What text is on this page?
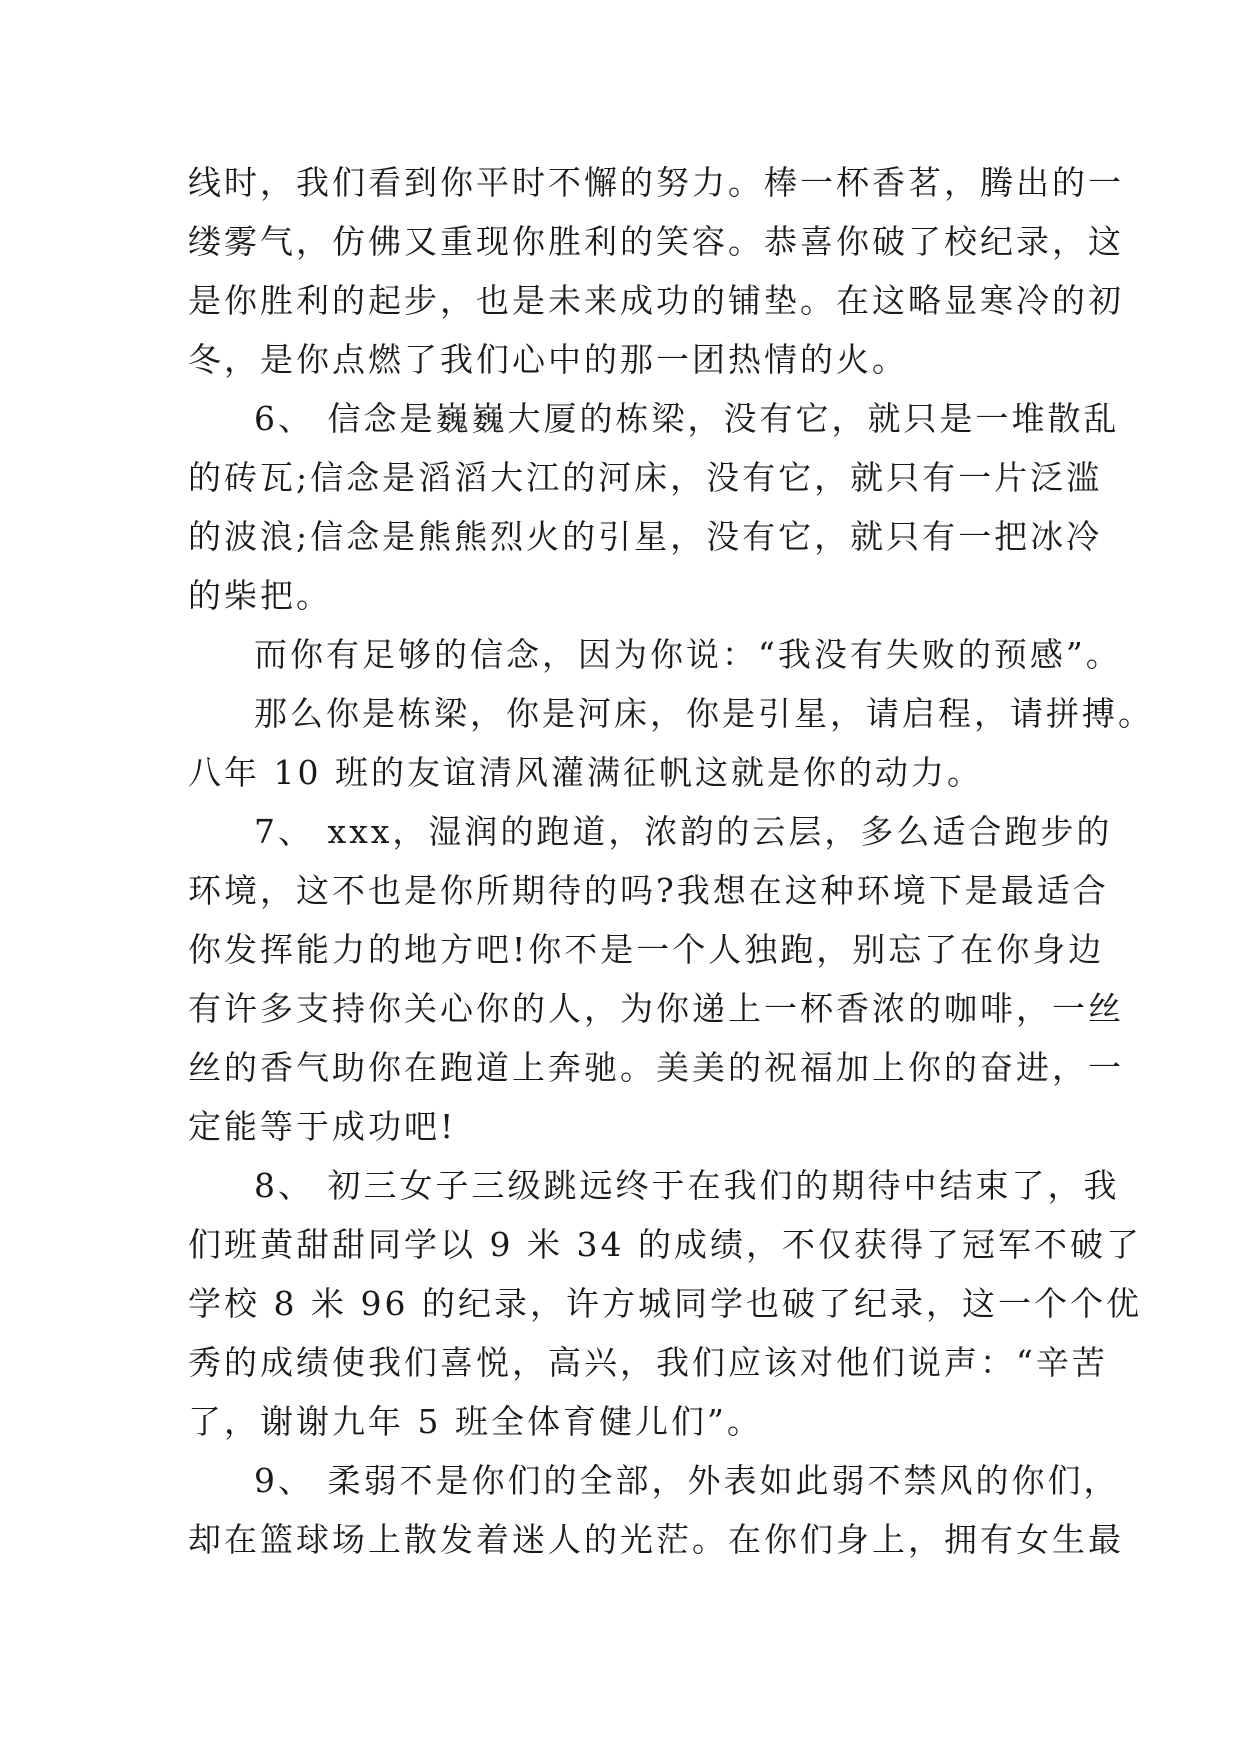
线时，我们看到你平时不懈的努力。棒一杯香茗，腾出的一
缕雾气，仿佛又重现你胜利的笑容。恭喜你破了校纪录，这
是你胜利的起步，也是未来成功的铺垫。在这略显寒冷的初
冬，是你点燃了我们心中的那一团热情的火。
6、 信念是巍巍大厦的栋梁，没有它，就只是一堆散乱
的砖瓦;信念是滔滔大江的河床，没有它，就只有一片泛滥
的波浪;信念是熊熊烈火的引星，没有它，就只有一把冰冷
的柴把。
而你有足够的信念，因为你说：“我没有失败的预感”。
那么你是栋梁，你是河床，你是引星，请启程，请拼搏。
八年 10 班的友谊清风灌满征帆这就是你的动力。
7、 xxx，湿润的跑道，浓韵的云层，多么适合跑步的
环境，这不也是你所期待的吗?我想在这种环境下是最适合
你发挥能力的地方吧!你不是一个人独跑，别忘了在你身边
有许多支持你关心你的人，为你递上一杯香浓的咖啡，一丝
丝的香气助你在跑道上奔驰。美美的祝福加上你的奋进，一
定能等于成功吧!
8、 初三女子三级跳远终于在我们的期待中结束了，我
们班黄甜甜同学以 9 米 34 的成绩，不仅获得了冠军不破了
学校 8 米 96 的纪录，许方城同学也破了纪录，这一个个优
秀的成绩使我们喜悦，高兴，我们应该对他们说声：“辛苦
了，谢谢九年 5 班全体育健儿们”。
9、 柔弱不是你们的全部，外表如此弱不禁风的你们，
却在篮球场上散发着迷人的光茫。在你们身上，拥有女生最
